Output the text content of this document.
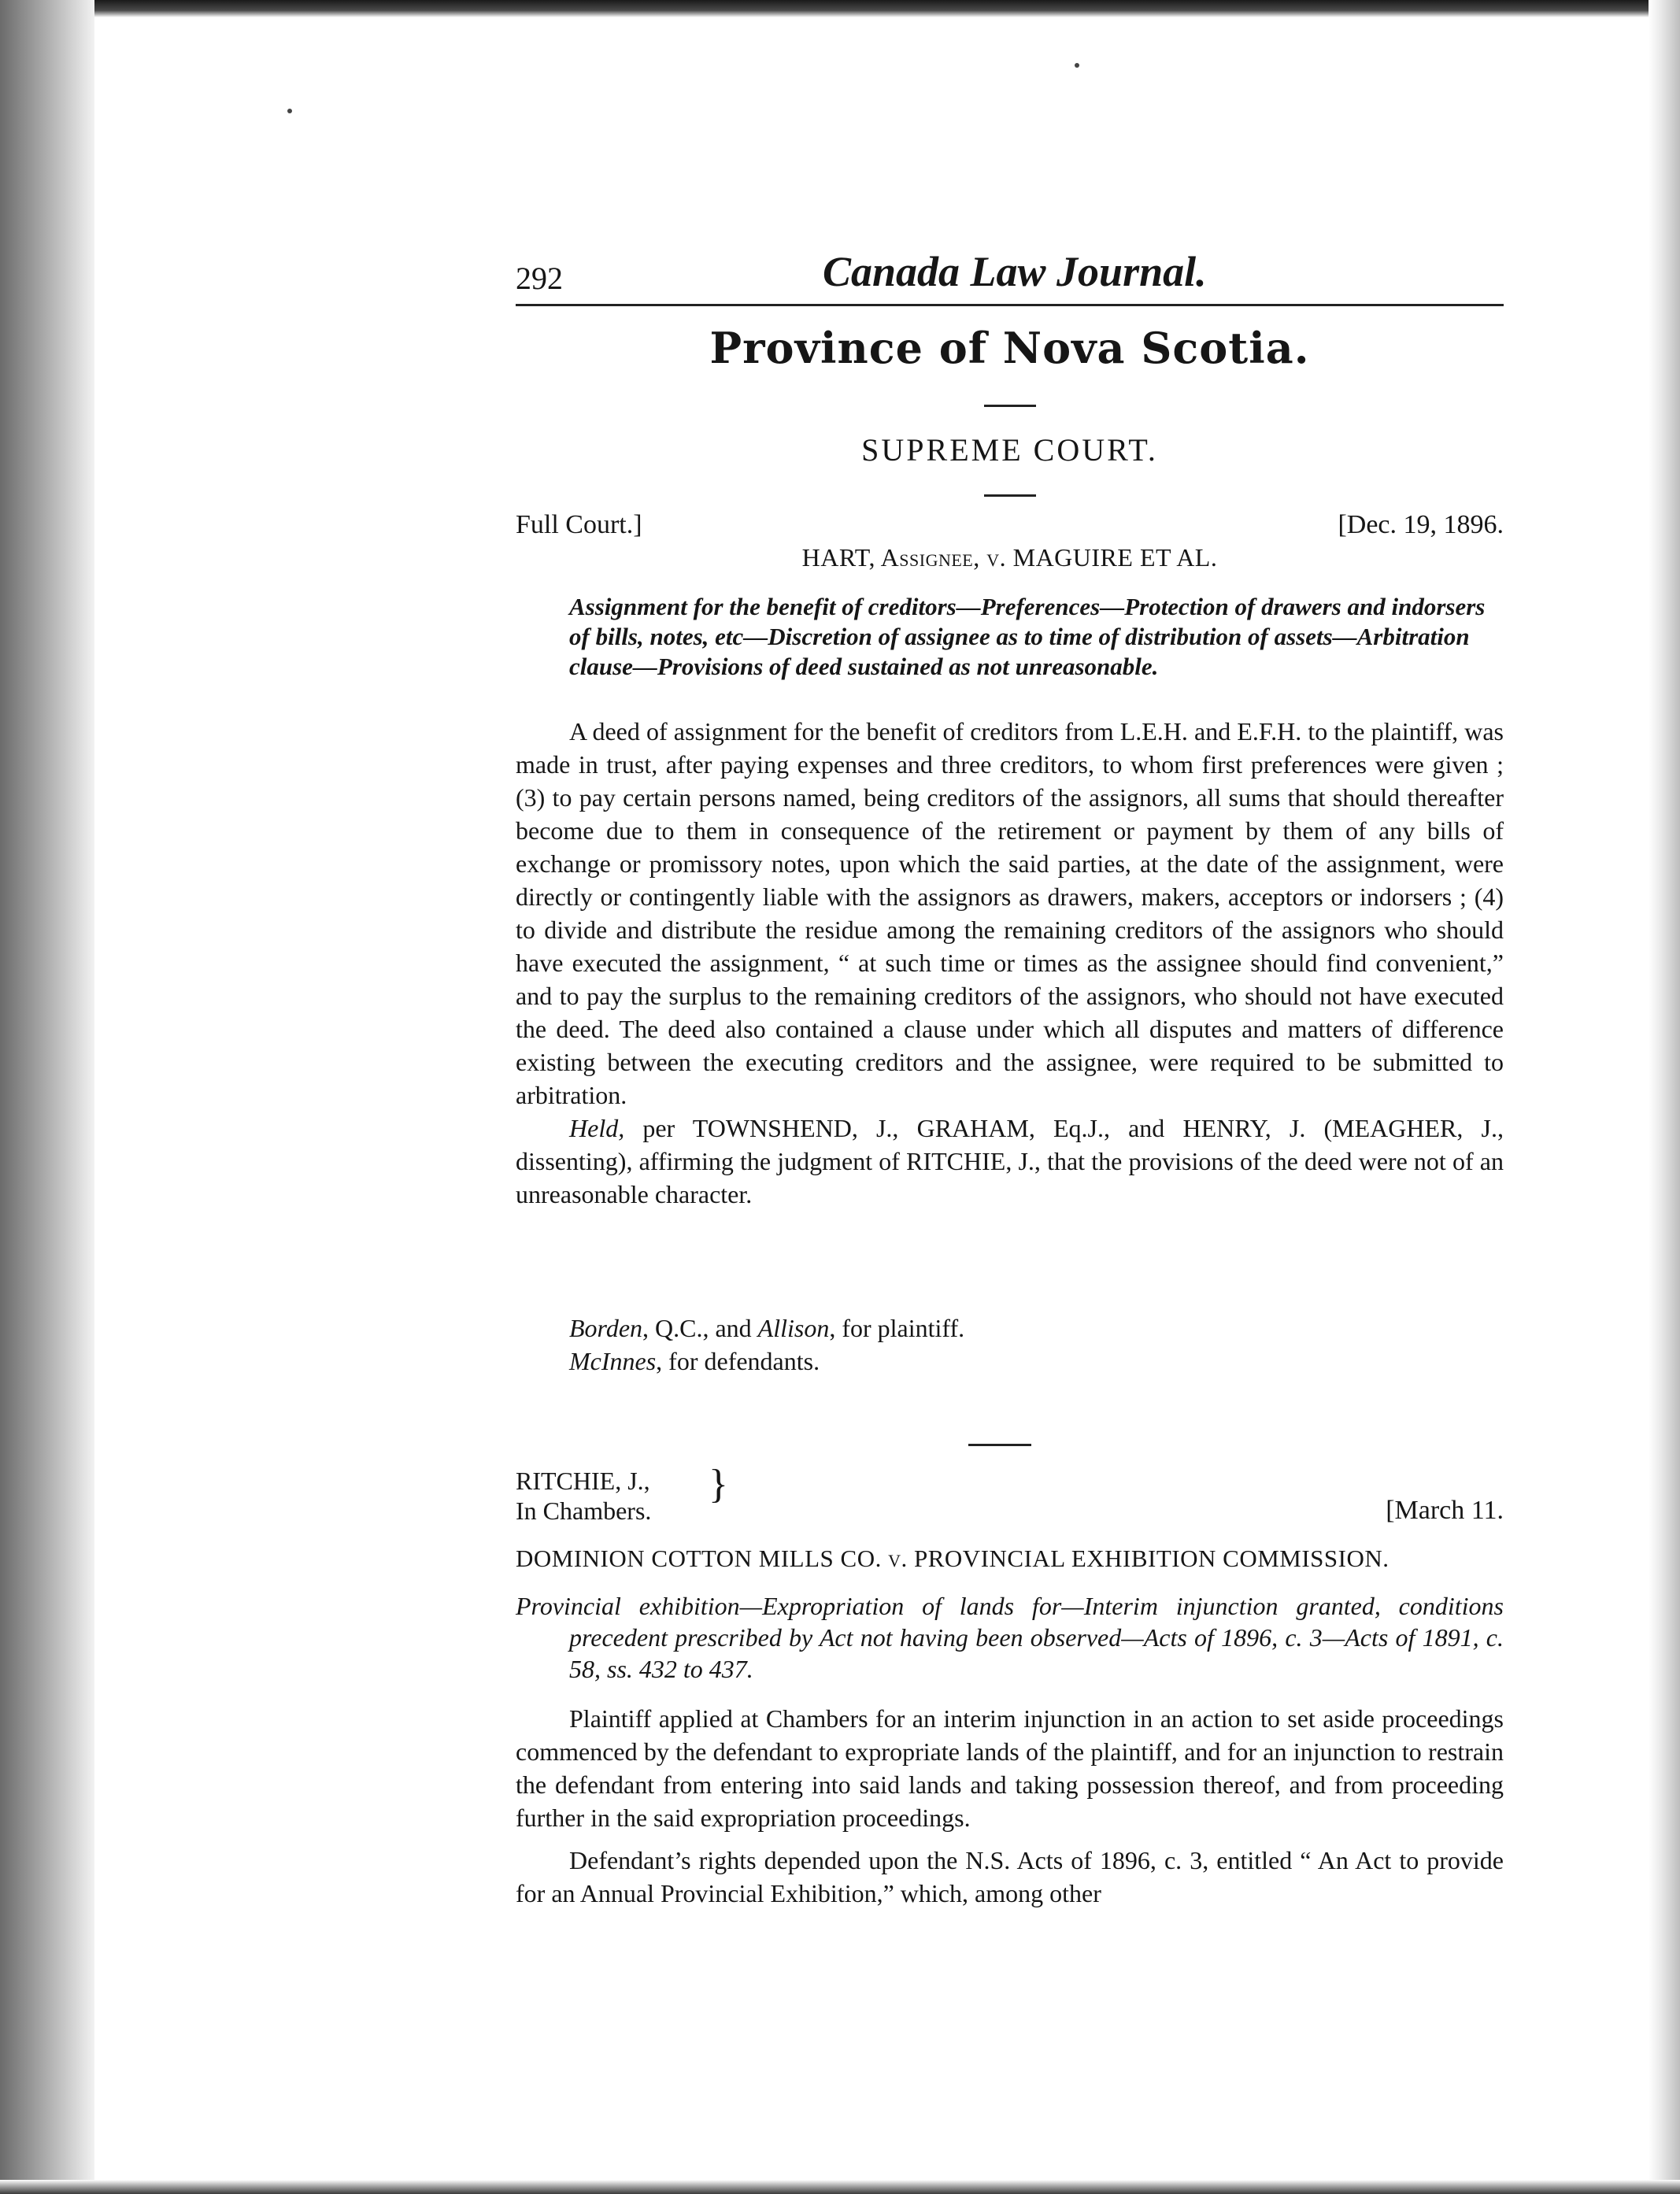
292	Canada Law Journal.
Province of Nova Scotia.
SUPREME COURT.
Full Court.]	[Dec. 19, 1896.
HART, Assignee, v. MAGUIRE ET AL.

Assignment for the benefit of creditors—Preferences—Protection of drawers and indorsers of bills, notes, etc—Discretion of assignee as to time of distribution of assets—Arbitration clause—Provisions of deed sustained as not unreasonable.

A deed of assignment for the benefit of creditors from L.E.H. and E.F.H. to the plaintiff, was made in trust, after paying expenses and three creditors, to whom first preferences were given ; (3) to pay certain persons named, being creditors of the assignors, all sums that should thereafter become due to them in consequence of the retirement or payment by them of any bills of exchange or promissory notes, upon which the said parties, at the date of the assignment, were directly or contingently liable with the assignors as drawers, makers, acceptors or indorsers ; (4) to divide and distribute the residue among the remaining creditors of the assignors who should have executed the assignment, “ at such time or times as the assignee should find convenient,” and to pay the surplus to the remaining creditors of the assignors, who should not have executed the deed. The deed also contained a clause under which all disputes and matters of difference existing between the executing creditors and the assignee, were required to be submitted to arbitration.

Held, per TOWNSHEND, J., GRAHAM, Eq.J., and HENRY, J. (MEAGHER, J., dissenting), affirming the judgment of RITCHIE, J., that the provisions of the deed were not of an unreasonable character.

Borden, Q.C., and Allison, for plaintiff.
McInnes, for defendants.
RITCHIE, J.,
In Chambers.
}
[March 11.
DOMINION COTTON MILLS CO. v. PROVINCIAL EXHIBITION COMMISSION.

Provincial exhibition—Expropriation of lands for—Interim injunction granted, conditions precedent prescribed by Act not having been observed—Acts of 1896, c. 3—Acts of 1891, c. 58, ss. 432 to 437.

Plaintiff applied at Chambers for an interim injunction in an action to set aside proceedings commenced by the defendant to expropriate lands of the plaintiff, and for an injunction to restrain the defendant from entering into said lands and taking possession thereof, and from proceeding further in the said expropriation proceedings.

Defendant’s rights depended upon the N.S. Acts of 1896, c. 3, entitled “ An Act to provide for an Annual Provincial Exhibition,” which, among other
